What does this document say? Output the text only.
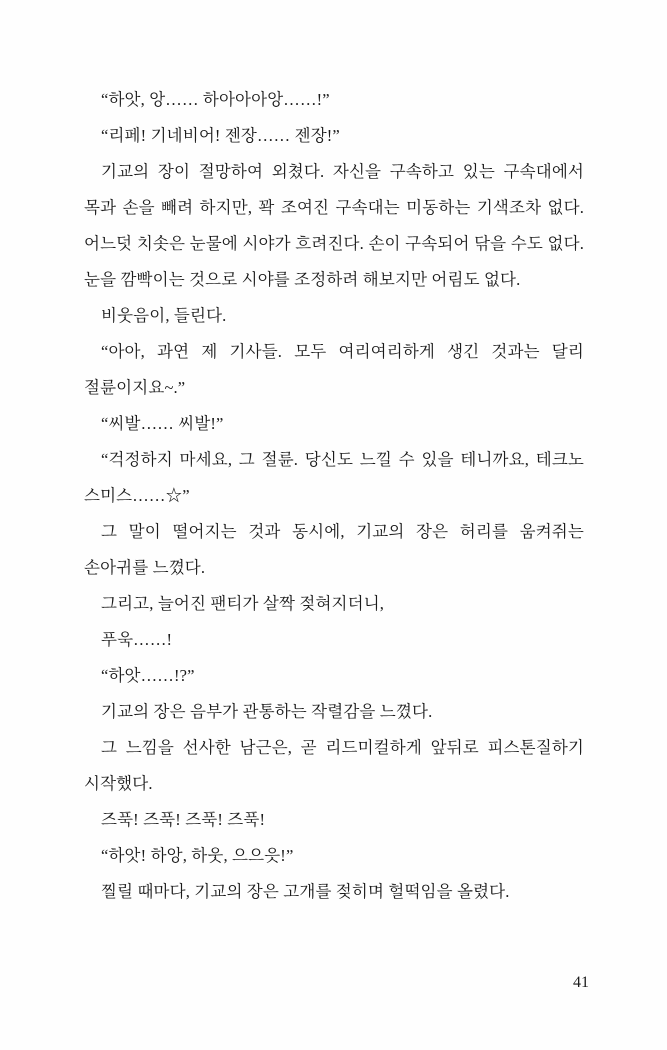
“하앗, 앙…… 하아아아앙……!”

“리페! 기네비어! 젠장…… 젠장!”

기교의 장이 절망하여 외쳤다. 자신을 구속하고 있는 구속대에서 목과 손을 빼려 하지만, 꽉 조여진 구속대는 미동하는 기색조차 없다. 어느덧 치솟은 눈물에 시야가 흐려진다. 손이 구속되어 닦을 수도 없다. 눈을 깜빡이는 것으로 시야를 조정하려 해보지만 어림도 없다.

비웃음이, 들린다.

“아아, 과연 제 기사들. 모두 여리여리하게 생긴 것과는 달리 절륜이지요~.”

“씨발…… 씨발!”

“걱정하지 마세요, 그 절륜. 당신도 느낄 수 있을 테니까요, 테크노 스미스……☆”

그 말이 떨어지는 것과 동시에, 기교의 장은 허리를 움켜쥐는 손아귀를 느꼈다.

그리고, 늘어진 팬티가 살짝 젖혀지더니,

푸욱……!

“하앗……!?”

기교의 장은 음부가 관통하는 작렬감을 느꼈다.

그 느낌을 선사한 남근은, 곧 리드미컬하게 앞뒤로 피스톤질하기 시작했다.

즈푹! 즈푹! 즈푹! 즈푹!

“하앗! 하앙, 하웃, 으으읏!”

찔릴 때마다, 기교의 장은 고개를 젖히며 헐떡임을 올렸다.

41
